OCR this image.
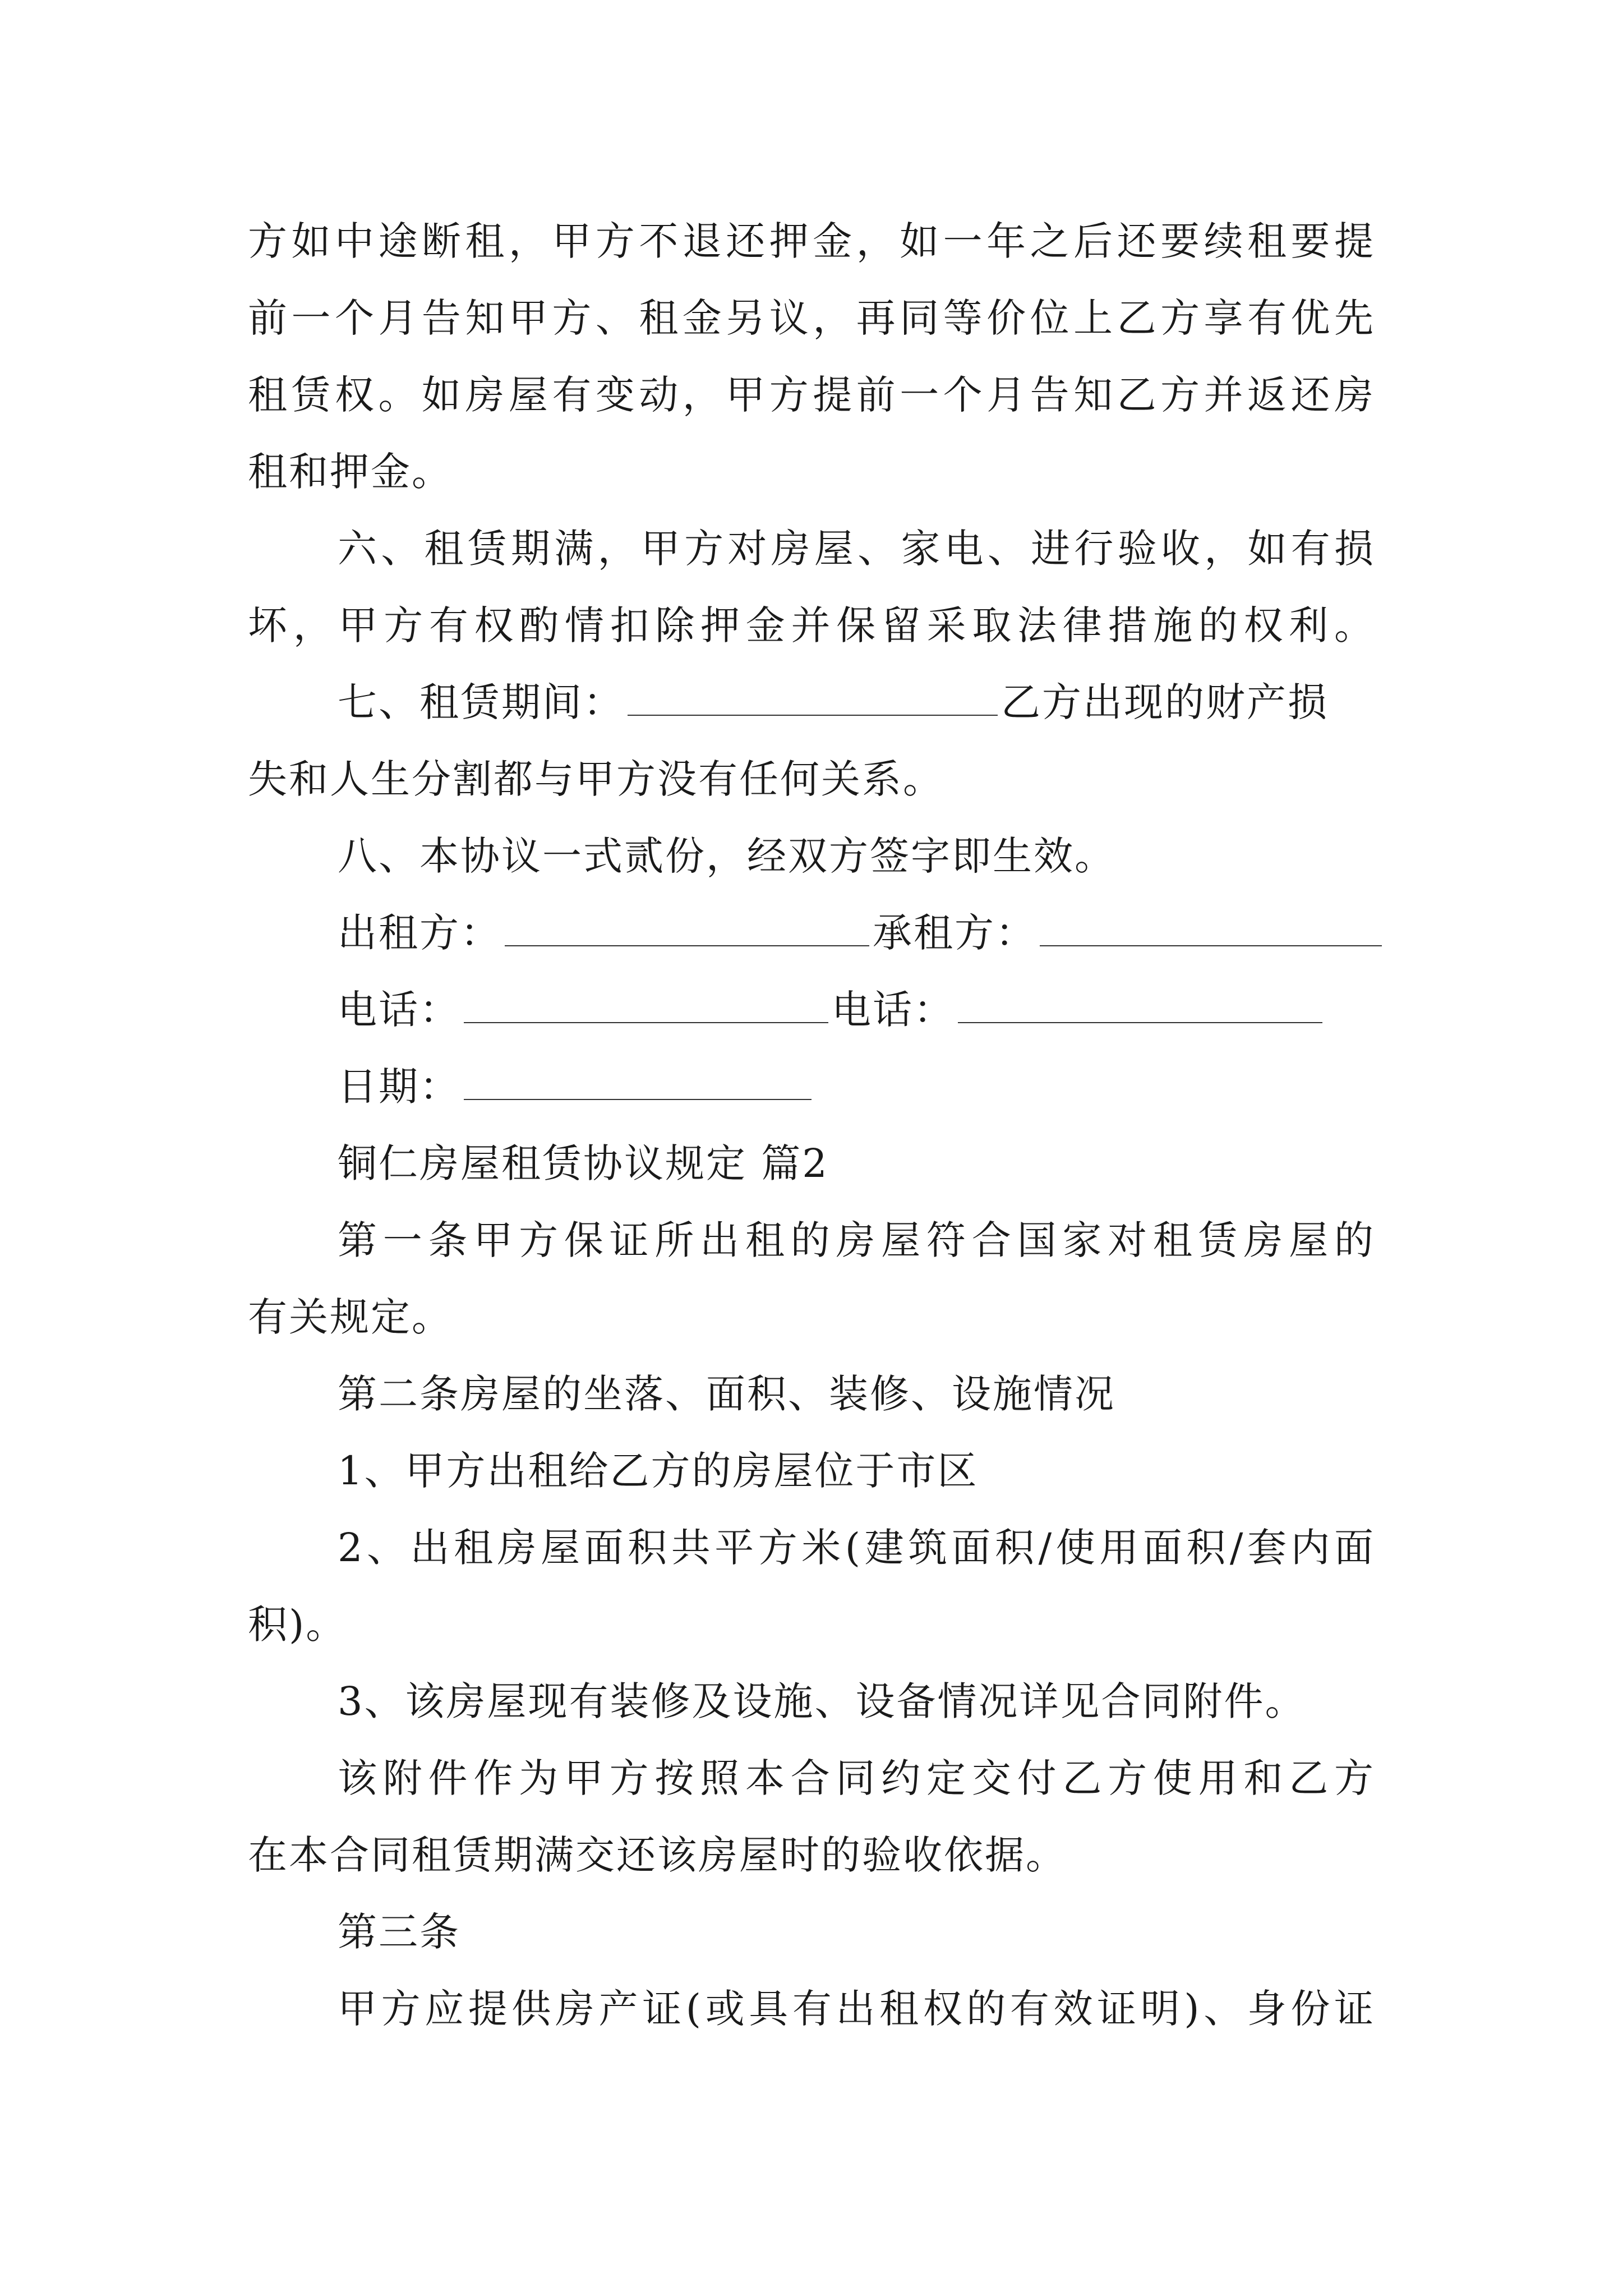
方如中途断租，甲方不退还押金，如一年之后还要续租要提
前一个月告知甲方、租金另议，再同等价位上乙方享有优先
租赁权。如房屋有变动，甲方提前一个月告知乙方并返还房
租和押金。
六、租赁期满，甲方对房屋、家电、进行验收，如有损
坏，甲方有权酌情扣除押金并保留采取法律措施的权利。
七、租赁期间：	乙方出现的财产损
失和人生分割都与甲方没有任何关系。
八、本协议一式贰份，经双方签字即生效。
出租方：	承租方：
电话：	电话：
日期：
铜仁房屋租赁协议规定 篇2
第一条甲方保证所出租的房屋符合国家对租赁房屋的
有关规定。
第二条房屋的坐落、面积、装修、设施情况
1、甲方出租给乙方的房屋位于市区
2、出租房屋面积共平方米(建筑面积/使用面积/套内面
积)。
3、该房屋现有装修及设施、设备情况详见合同附件。
该附件作为甲方按照本合同约定交付乙方使用和乙方
在本合同租赁期满交还该房屋时的验收依据。
第三条
甲方应提供房产证(或具有出租权的有效证明)、身份证
